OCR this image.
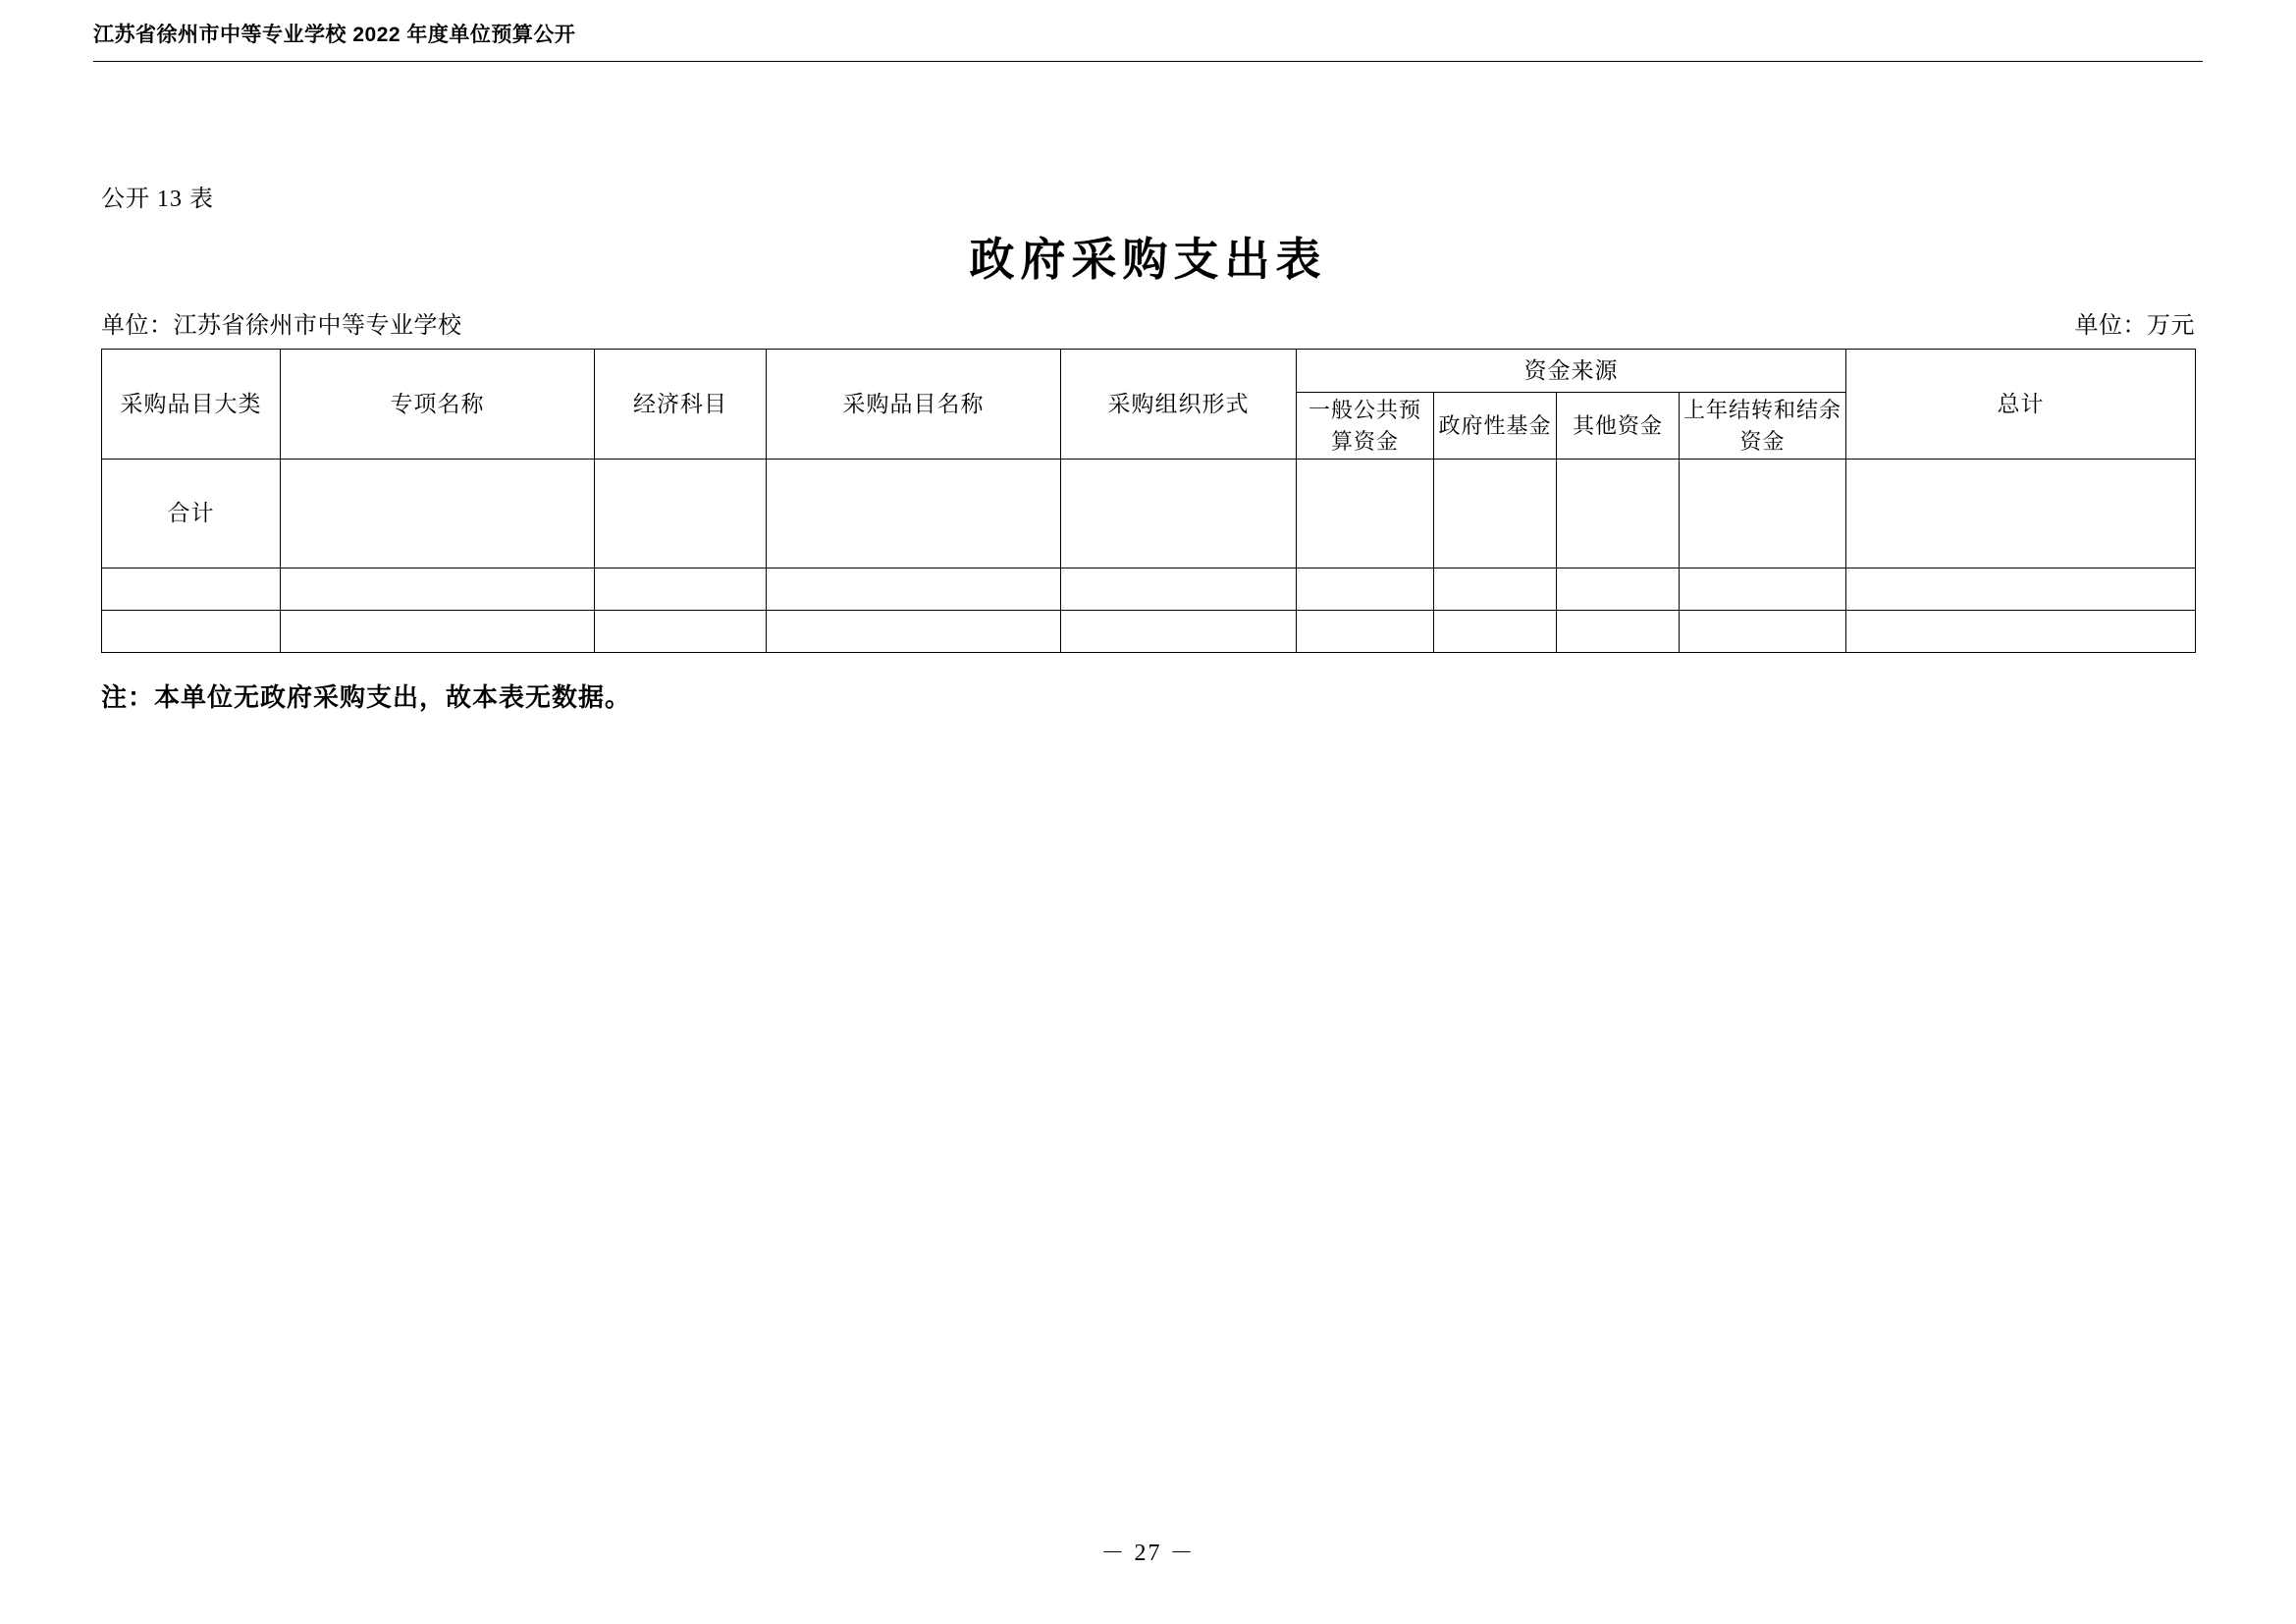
江苏省徐州市中等专业学校 2022 年度单位预算公开
公开 13 表
政府采购支出表
单位：江苏省徐州市中等专业学校	单位：万元
采购品目大类	专项名称	经济科目	采购品目名称	采购组织形式	资金来源				总计

					一般公共预算资金	政府性基金	其他资金	上年结转和结余资金	

合计									

注：本单位无政府采购支出，故本表无数据。
－ 27 －
